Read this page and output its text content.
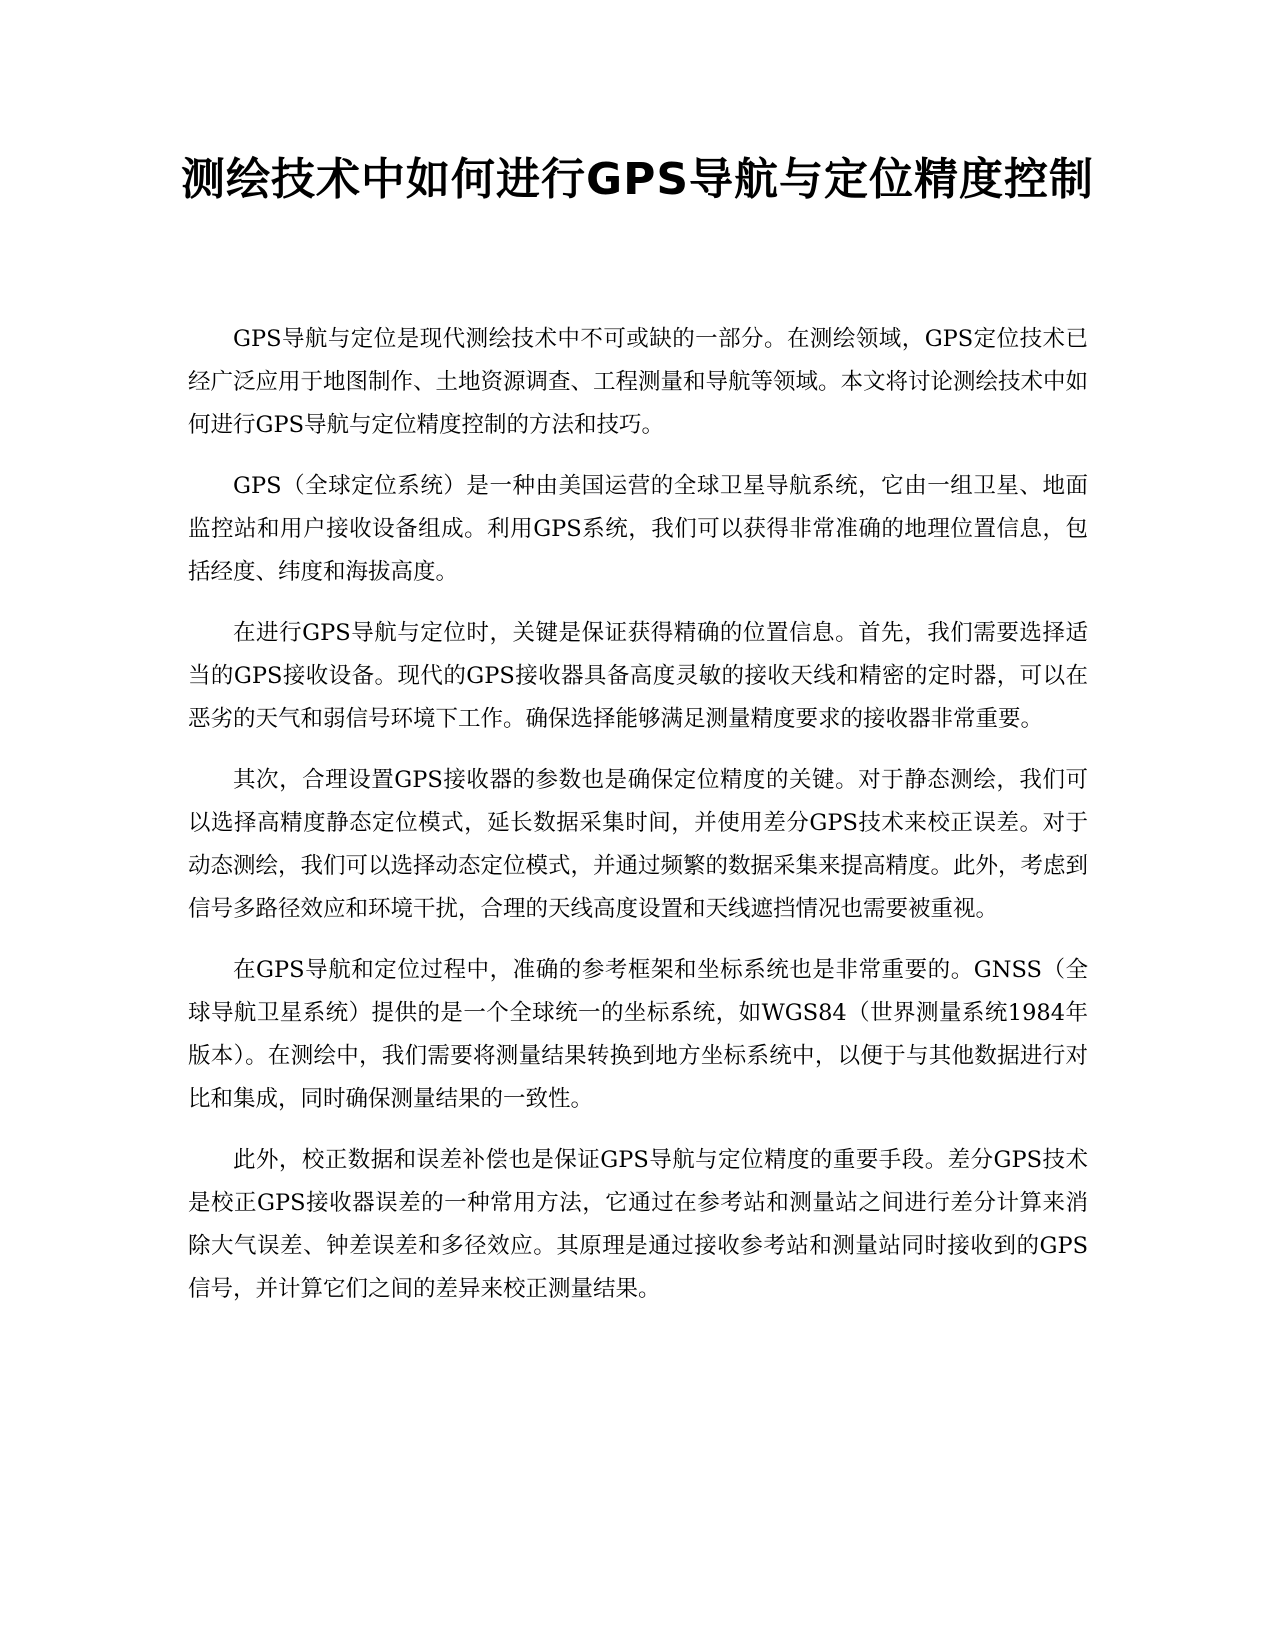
测绘技术中如何进行GPS导航与定位精度控制

GPS导航与定位是现代测绘技术中不可或缺的一部分。在测绘领域，GPS定位技术已经广泛应用于地图制作、土地资源调查、工程测量和导航等领域。本文将讨论测绘技术中如何进行GPS导航与定位精度控制的方法和技巧。

GPS（全球定位系统）是一种由美国运营的全球卫星导航系统，它由一组卫星、地面监控站和用户接收设备组成。利用GPS系统，我们可以获得非常准确的地理位置信息，包括经度、纬度和海拔高度。

在进行GPS导航与定位时，关键是保证获得精确的位置信息。首先，我们需要选择适当的GPS接收设备。现代的GPS接收器具备高度灵敏的接收天线和精密的定时器，可以在恶劣的天气和弱信号环境下工作。确保选择能够满足测量精度要求的接收器非常重要。

其次，合理设置GPS接收器的参数也是确保定位精度的关键。对于静态测绘，我们可以选择高精度静态定位模式，延长数据采集时间，并使用差分GPS技术来校正误差。对于动态测绘，我们可以选择动态定位模式，并通过频繁的数据采集来提高精度。此外，考虑到信号多路径效应和环境干扰，合理的天线高度设置和天线遮挡情况也需要被重视。

在GPS导航和定位过程中，准确的参考框架和坐标系统也是非常重要的。GNSS（全球导航卫星系统）提供的是一个全球统一的坐标系统，如WGS84（世界测量系统1984年版本）。在测绘中，我们需要将测量结果转换到地方坐标系统中，以便于与其他数据进行对比和集成，同时确保测量结果的一致性。

此外，校正数据和误差补偿也是保证GPS导航与定位精度的重要手段。差分GPS技术是校正GPS接收器误差的一种常用方法，它通过在参考站和测量站之间进行差分计算来消除大气误差、钟差误差和多径效应。其原理是通过接收参考站和测量站同时接收到的GPS信号，并计算它们之间的差异来校正测量结果。
